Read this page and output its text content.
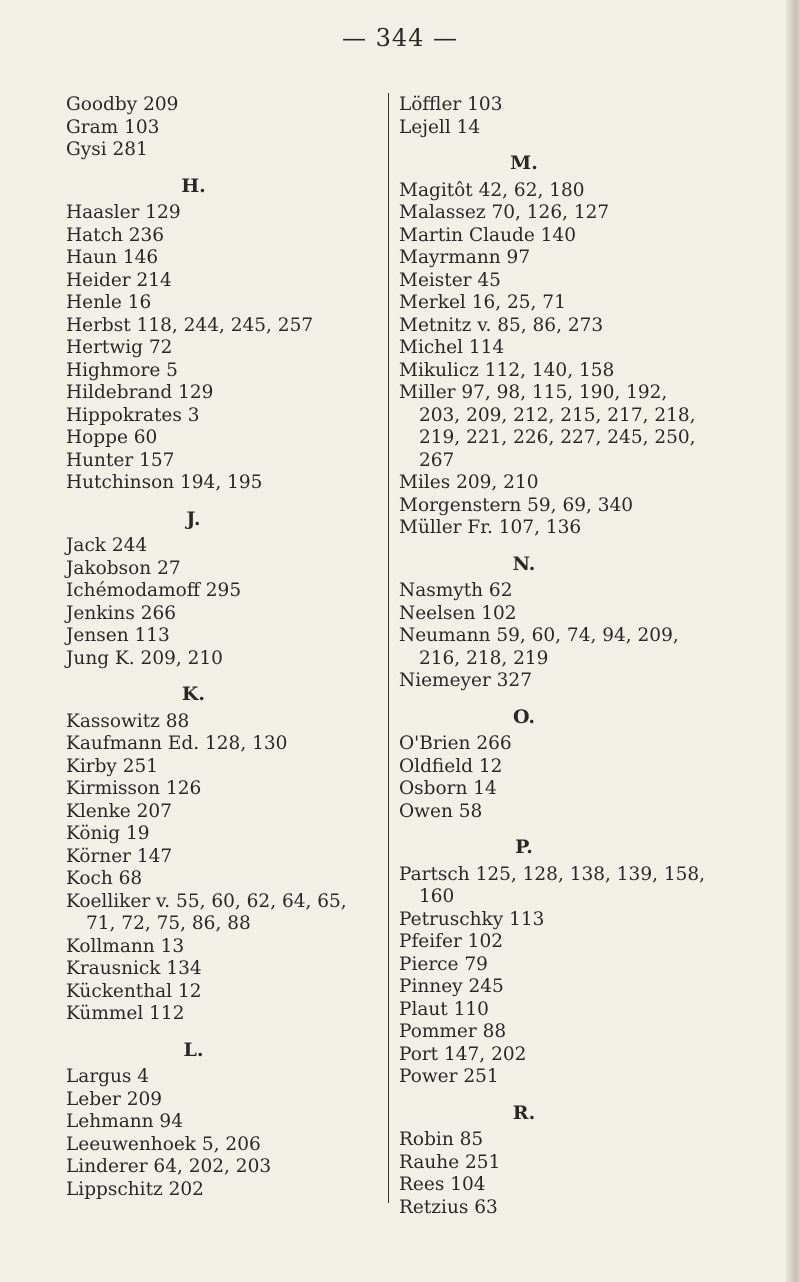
— 344 —
Goodby 209
Gram 103
Gysi 281
H.
Haasler 129
Hatch 236
Haun 146
Heider 214
Henle 16
Herbst 118, 244, 245, 257
Hertwig 72
Highmore 5
Hildebrand 129
Hippokrates 3
Hoppe 60
Hunter 157
Hutchinson 194, 195
J.
Jack 244
Jakobson 27
Ichémodamoff 295
Jenkins 266
Jensen 113
Jung K. 209, 210
K.
Kassowitz 88
Kaufmann Ed. 128, 130
Kirby 251
Kirmisson 126
Klenke 207
König 19
Körner 147
Koch 68
Koelliker v. 55, 60, 62, 64, 65,
71, 72, 75, 86, 88
Kollmann 13
Krausnick 134
Kückenthal 12
Kümmel 112
L.
Largus 4
Leber 209
Lehmann 94
Leeuwenhoek 5, 206
Linderer 64, 202, 203
Lippschitz 202
Löffler 103
Lejell 14
M.
Magitôt 42, 62, 180
Malassez 70, 126, 127
Martin Claude 140
Mayrmann 97
Meister 45
Merkel 16, 25, 71
Metnitz v. 85, 86, 273
Michel 114
Mikulicz 112, 140, 158
Miller 97, 98, 115, 190, 192,
203, 209, 212, 215, 217, 218,
219, 221, 226, 227, 245, 250,
267
Miles 209, 210
Morgenstern 59, 69, 340
Müller Fr. 107, 136
N.
Nasmyth 62
Neelsen 102
Neumann 59, 60, 74, 94, 209,
216, 218, 219
Niemeyer 327
O.
O'Brien 266
Oldfield 12
Osborn 14
Owen 58
P.
Partsch 125, 128, 138, 139, 158,
160
Petruschky 113
Pfeifer 102
Pierce 79
Pinney 245
Plaut 110
Pommer 88
Port 147, 202
Power 251
R.
Robin 85
Rauhe 251
Rees 104
Retzius 63
